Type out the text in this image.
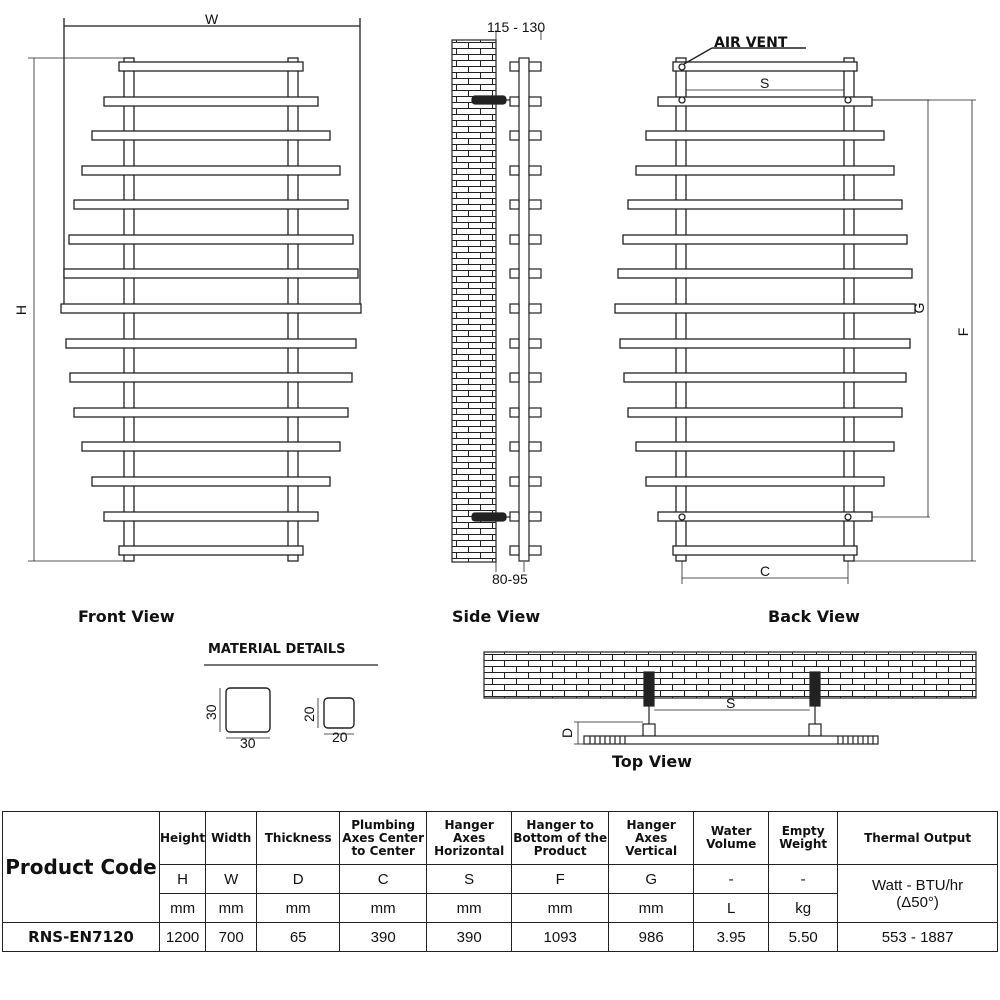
W
H
Front View
115 - 130
80-95
Side View
AIR VENT
S
G
F
C
Back View
MATERIAL DETAILS
30
30
20
20
S
D
Top View
Product Code	Height	Width	Thickness	Plumbing Axes Center to Center	Hanger Axes Horizontal	Hanger to Bottom of the Product	Hanger Axes Vertical	Water Volume	Empty Weight	Thermal Output
	H	W	D	C	S	F	G	-	-	Watt - BTU/hr
(Δ50°)

	mm	mm	mm	mm	mm	mm	mm	L	kg	
RNS-EN7120	1200	700	65	390	390	1093	986	3.95	5.50	553 - 1887
